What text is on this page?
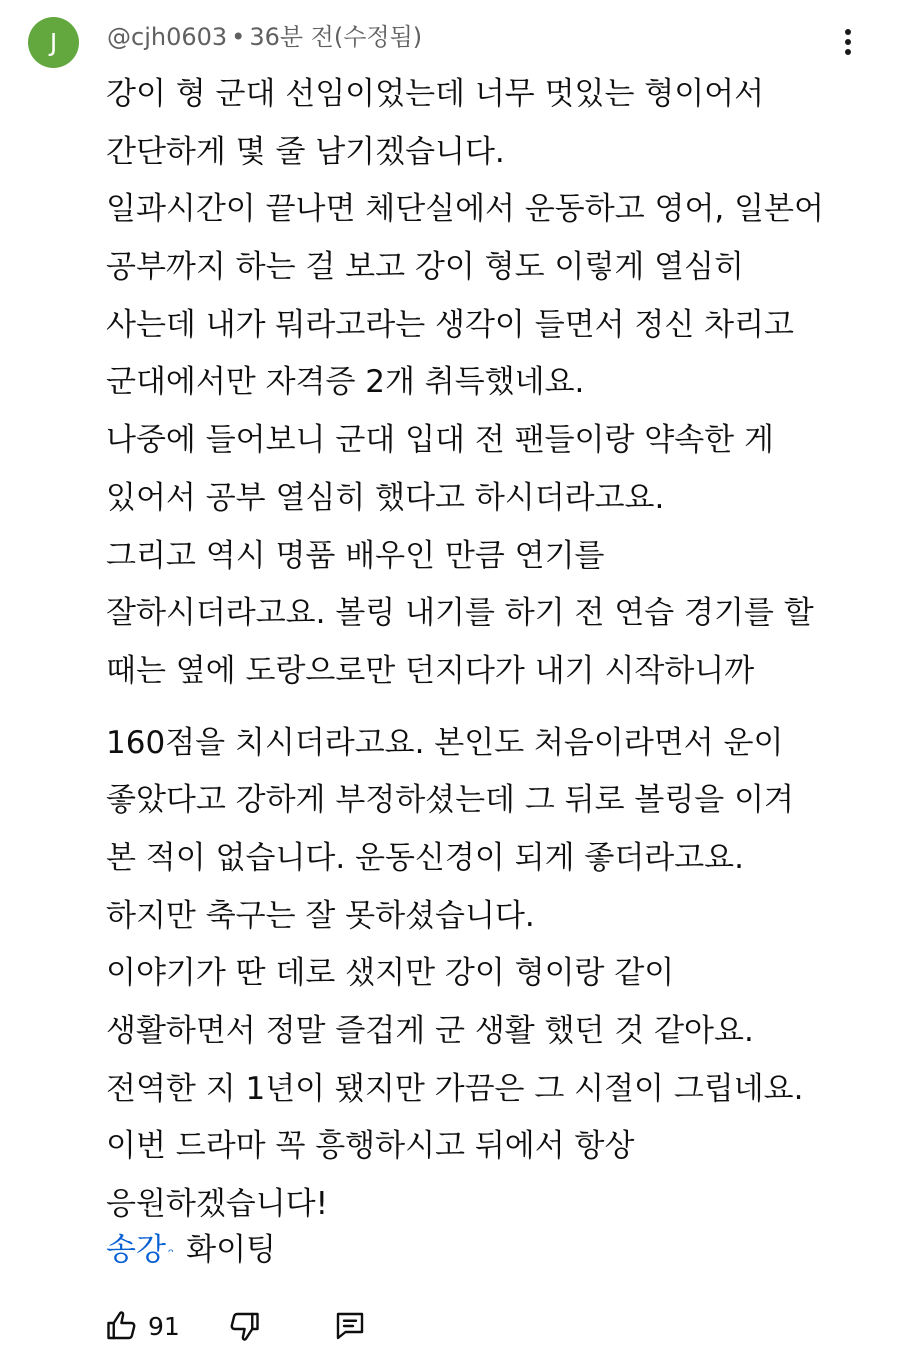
J	@cjh0603 • 36분 전(수정됨)
강이 형 군대 선임이었는데 너무 멋있는 형이어서
간단하게 몇 줄 남기겠습니다.
일과시간이 끝나면 체단실에서 운동하고 영어, 일본어
공부까지 하는 걸 보고 강이 형도 이렇게 열심히
사는데 내가 뭐라고라는 생각이 들면서 정신 차리고
군대에서만 자격증 2개 취득했네요.
나중에 들어보니 군대 입대 전 팬들이랑 약속한 게
있어서 공부 열심히 했다고 하시더라고요.
그리고 역시 명품 배우인 만큼 연기를
잘하시더라고요. 볼링 내기를 하기 전 연습 경기를 할
때는 옆에 도랑으로만 던지다가 내기 시작하니까
160점을 치시더라고요. 본인도 처음이라면서 운이
좋았다고 강하게 부정하셨는데 그 뒤로 볼링을 이겨
본 적이 없습니다. 운동신경이 되게 좋더라고요.
하지만 축구는 잘 못하셨습니다.
이야기가 딴 데로 샜지만 강이 형이랑 같이
생활하면서 정말 즐겁게 군 생활 했던 것 같아요.
전역한 지 1년이 됐지만 가끔은 그 시절이 그립네요.
이번 드라마 꼭 흥행하시고 뒤에서 항상
응원하겠습니다!
송강 $^ᵔ$ 화이팅
91
